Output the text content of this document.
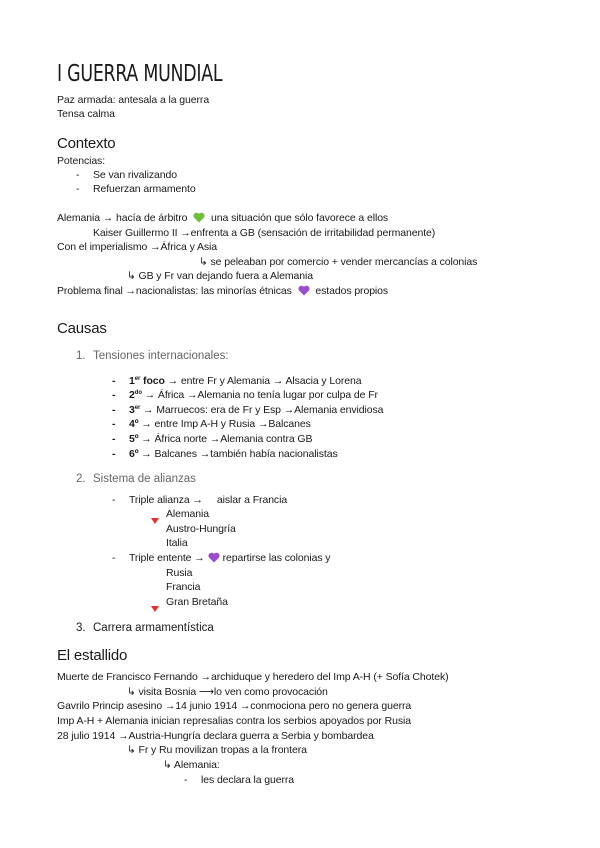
I GUERRA MUNDIAL
Paz armada: antesala a la guerra
Tensa calma
Contexto
Potencias:
- Se van rivalizando
- Refuerzan armamento
Alemania → hacía de árbitro una situación que sólo favorece a ellos
Kaiser Guillermo II →enfrenta a GB (sensación de irritabilidad permanente)
Con el imperialismo →África y Asia
↳ se peleaban por comercio + vender mercancías a colonias
↳ GB y Fr van dejando fuera a Alemania
Problema final →nacionalistas: las minorías étnicas estados propios
Causas
1. Tensiones internacionales:
- 1er foco → entre Fr y Alemania → Alsacia y Lorena
- $2^{do}$ → África →Alemania no tenía lugar por culpa de Fr
- 3er → Marruecos: era de Fr y Esp →Alemania envidiosa
- 4º → entre Imp A-H y Rusia →Balcanes
- 5º → África norte →Alemania contra GB
- 6º → Balcanes →también había nacionalistas
2. Sistema de alianzas
- Triple alianza → aislar a Francia
Alemania
Austro-Hungría
Italia
- Triple entente → repartirse las colonias y
Rusia
Francia
Gran Bretaña
3. Carrera armamentística
El estallido
Muerte de Francisco Fernando →archiduque y heredero del Imp A-H (+ Sofía Chotek)
↳ visita Bosnia ⟶lo ven como provocación
Gavrilo Princip asesino →14 junio 1914 →conmociona pero no genera guerra
Imp A-H + Alemania inician represalias contra los serbios apoyados por Rusia
28 julio 1914 →Austria-Hungría declara guerra a Serbia y bombardea
↳ Fr y Ru movilizan tropas a la frontera
↳ Alemania:
- les declara la guerra
